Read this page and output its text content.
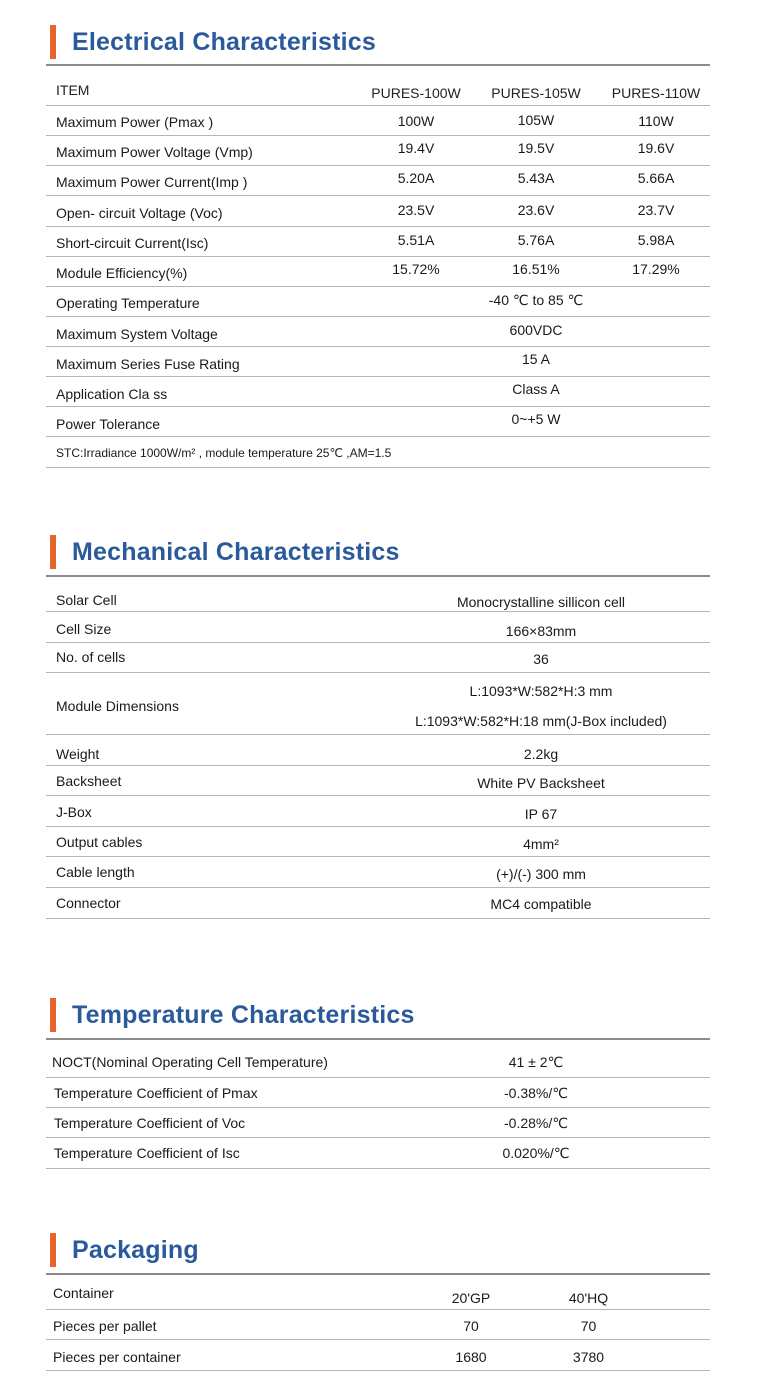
Electrical Characteristics
ITEM	PURES-100W	PURES-105W	PURES-110W
Maximum Power (Pmax )	100W	105W	110W
Maximum Power Voltage (Vmp)	19.4V	19.5V	19.6V
Maximum Power Current(Imp )	5.20A	5.43A	5.66A
Open- circuit Voltage (Voc)	23.5V	23.6V	23.7V
Short-circuit Current(Isc)	5.51A	5.76A	5.98A
Module Efficiency(%)	15.72%	16.51%	17.29%
Operating Temperature	-40 ℃ to 85 ℃
Maximum System Voltage	600VDC
Maximum Series Fuse Rating	15 A
Application Cla ss	Class A
Power Tolerance	0~+5 W
STC:Irradiance 1000W/m² , module temperature 25℃ ,AM=1.5
Mechanical Characteristics
Solar Cell	Monocrystalline sillicon cell
Cell Size	166×83mm
No. of cells	36
Module Dimensions
L:1093*W:582*H:3 mm
L:1093*W:582*H:18 mm(J-Box included)
Weight	2.2kg
Backsheet	White PV Backsheet
J-Box	IP 67
Output cables	4mm²
Cable length	(+)/(-) 300 mm
Connector	MC4 compatible
Temperature Characteristics
NOCT(Nominal Operating Cell Temperature)	41 ± 2℃
Temperature Coefficient of Pmax	-0.38%/℃
Temperature Coefficient of Voc	-0.28%/℃
Temperature Coefficient of Isc	0.020%/℃
Packaging
Container	20'GP	40'HQ
Pieces per pallet	70	70
Pieces per container	1680	3780
